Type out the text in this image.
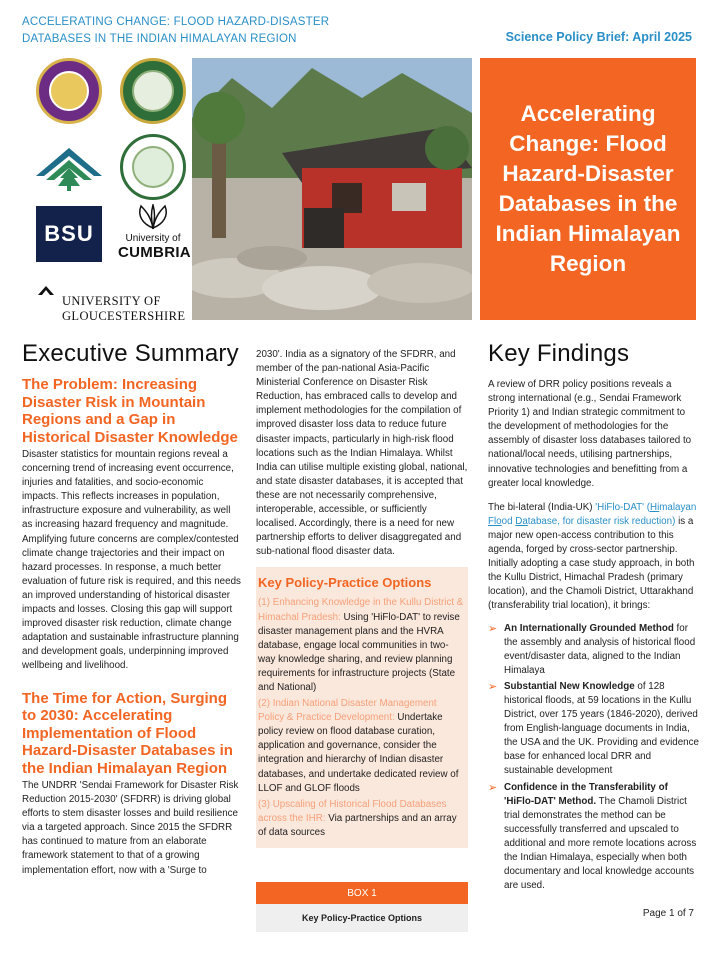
ACCELERATING CHANGE: FLOOD HAZARD-DISASTER
DATABASES IN THE INDIAN HIMALAYAN REGION	Science Policy Brief: April 2025
BSU	University of
CUMBRIA
UNIVERSITY OF
GLOUCESTERSHIRE
Accelerating Change: Flood Hazard-Disaster Databases in the Indian Himalayan Region
Executive Summary
The Problem: Increasing Disaster Risk in Mountain Regions and a Gap in Historical Disaster Knowledge

Disaster statistics for mountain regions reveal a concerning trend of increasing event occurrence, injuries and fatalities, and socio-economic impacts. This reflects increases in population, infrastructure exposure and vulnerability, as well as increasing hazard frequency and magnitude. Amplifying future concerns are complex/contested climate change trajectories and their impact on hazard processes. In response, a much better evaluation of future risk is required, and this needs an improved understanding of historical disaster impacts and losses. Closing this gap will support improved disaster risk reduction, climate change adaptation and sustainable infrastructure planning and development goals, underpinning improved wellbeing and livelihood.

The Time for Action, Surging to 2030: Accelerating Implementation of Flood Hazard-Disaster Databases in the Indian Himalayan Region

The UNDRR 'Sendai Framework for Disaster Risk Reduction 2015-2030' (SFDRR) is driving global efforts to stem disaster losses and build resilience via a targeted approach. Since 2015 the SFDRR has continued to mature from an elaborate framework statement to that of a growing implementation effort, now with a 'Surge to

2030'. India as a signatory of the SFDRR, and member of the pan-national Asia-Pacific Ministerial Conference on Disaster Risk Reduction, has embraced calls to develop and implement methodologies for the compilation of improved disaster loss data to reduce future disaster impacts, particularly in high-risk flood locations such as the Indian Himalaya. Whilst India can utilise multiple existing global, national, and state disaster databases, it is accepted that these are not necessarily comprehensive, interoperable, accessible, or sufficiently localised. Accordingly, there is a need for new partnership efforts to deliver disaggregated and sub-national flood disaster data.

Key Policy-Practice Options
(1) Enhancing Knowledge in the Kullu District & Himachal Pradesh: Using 'HiFlo-DAT' to revise disaster management plans and the HVRA database, engage local communities in two-way knowledge sharing, and review planning requirements for infrastructure projects (State and National)
(2) Indian National Disaster Management Policy & Practice Development: Undertake policy review on flood database curation, application and governance, consider the integration and hierarchy of Indian disaster databases, and undertake dedicated review of LLOF and GLOF floods
(3) Upscaling of Historical Flood Databases across the IHR: Via partnerships and an array of data sources
BOX 1
Key Policy-Practice Options
Key Findings

A review of DRR policy positions reveals a strong international (e.g., Sendai Framework Priority 1) and Indian strategic commitment to the development of methodologies for the assembly of disaster loss databases tailored to national/local needs, utilising partnerships, innovative technologies and benefitting from a greater local knowledge.

The bi-lateral (India-UK) 'HiFlo-DAT' (Himalayan Flood Database, for disaster risk reduction) is a major new open-access contribution to this agenda, forged by cross-sector partnership. Initially adopting a case study approach, in both the Kullu District, Himachal Pradesh (primary location), and the Chamoli District, Uttarakhand (transferability trial location), it brings:

➢ An Internationally Grounded Method for the assembly and analysis of historical flood event/disaster data, aligned to the Indian Himalaya
➢ Substantial New Knowledge of 128 historical floods, at 59 locations in the Kullu District, over 175 years (1846-2020), derived from English-language documents in India, the USA and the UK. Providing and evidence base for enhanced local DRR and sustainable development
➢ Confidence in the Transferability of 'HiFlo-DAT' Method. The Chamoli District trial demonstrates the method can be successfully transferred and upscaled to additional and more remote locations across the Indian Himalaya, especially when both documentary and local knowledge accounts are used.
Page 1 of 7
